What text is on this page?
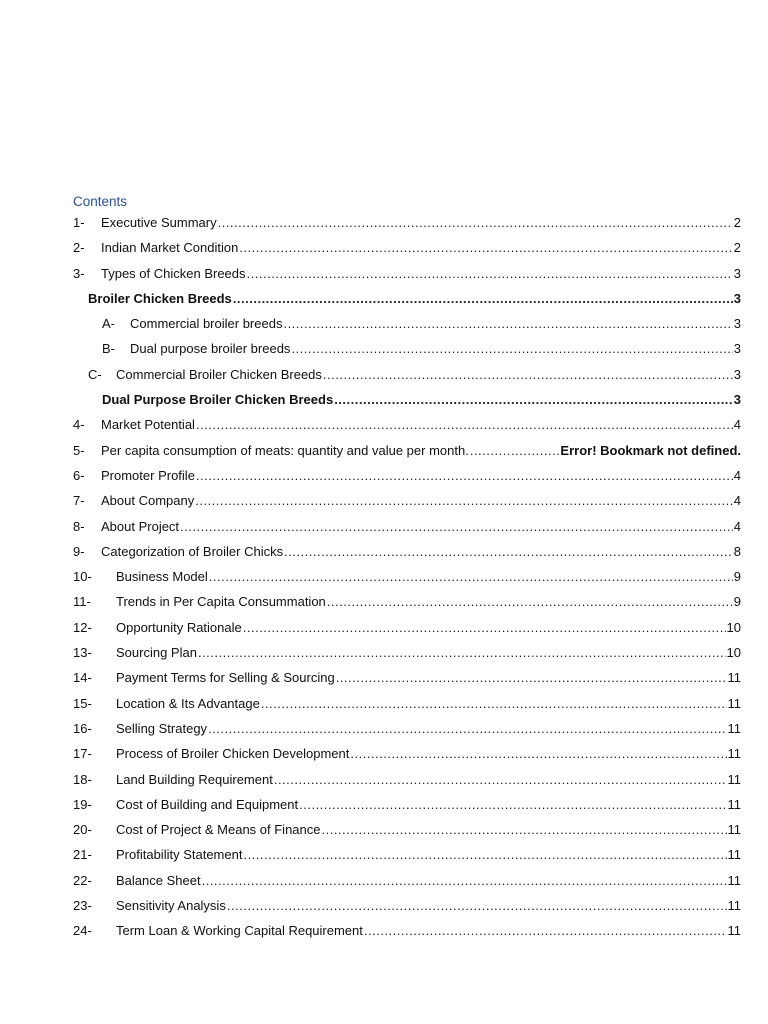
Contents
1-	Executive Summary .....	2
2-	Indian Market Condition .....	2
3-	Types of Chicken Breeds .....	3
Broiler Chicken Breeds .....	3
A-	Commercial broiler breeds .....	3
B-	Dual purpose broiler breeds .....	3
C-	Commercial Broiler Chicken Breeds .....	3
Dual Purpose Broiler Chicken Breeds .....	3
4-	Market Potential .....	4
5-	Per capita consumption of meats: quantity and value per month. .....	Error! Bookmark not defined.
6-	Promoter Profile .....	4
7-	About Company .....	4
8-	About Project .....	4
9-	Categorization of Broiler Chicks .....	8
10-	Business Model .....	9
11-	Trends in Per Capita Consummation .....	9
12-	Opportunity Rationale .....	10
13-	Sourcing Plan .....	10
14-	Payment Terms for Selling & Sourcing .....	11
15-	Location & Its Advantage .....	11
16-	Selling Strategy .....	11
17-	Process of Broiler Chicken Development .....	11
18-	Land Building Requirement .....	11
19-	Cost of Building and Equipment .....	11
20-	Cost of Project & Means of Finance .....	11
21-	Profitability Statement .....	11
22-	Balance Sheet .....	11
23-	Sensitivity Analysis .....	11
24-	Term Loan & Working Capital Requirement .....	11
